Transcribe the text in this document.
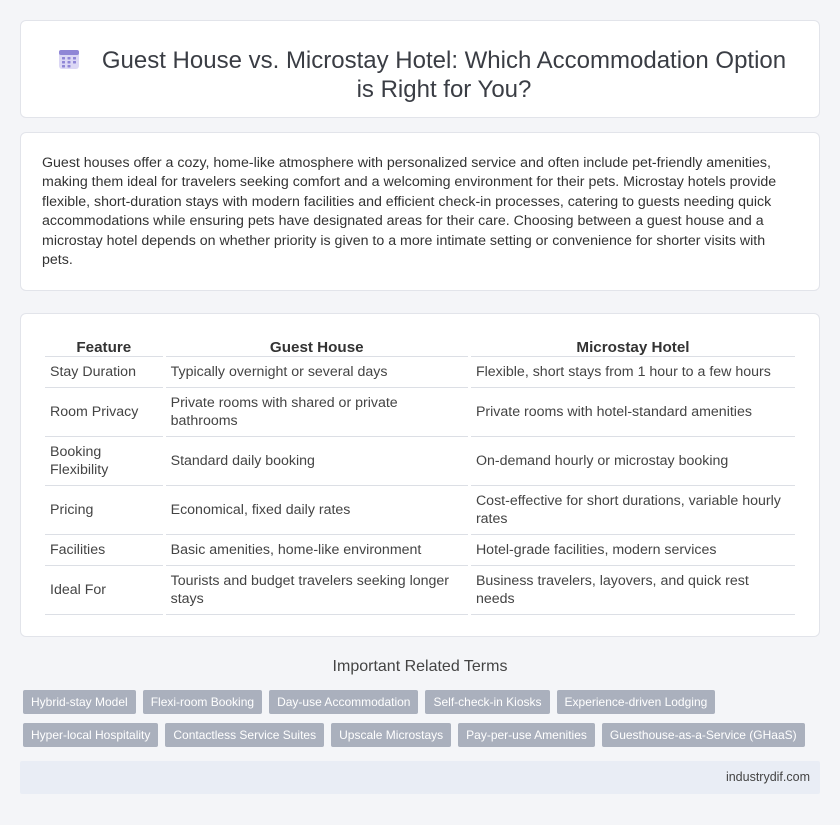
Guest House vs. Microstay Hotel: Which Accommodation Option is Right for You?

Guest houses offer a cozy, home-like atmosphere with personalized service and often include pet-friendly amenities, making them ideal for travelers seeking comfort and a welcoming environment for their pets. Microstay hotels provide flexible, short-duration stays with modern facilities and efficient check-in processes, catering to guests needing quick accommodations while ensuring pets have designated areas for their care. Choosing between a guest house and a microstay hotel depends on whether priority is given to a more intimate setting or convenience for shorter visits with pets.

Feature	Guest House	Microstay Hotel
Stay Duration	Typically overnight or several days	Flexible, short stays from 1 hour to a few hours
Room Privacy	Private rooms with shared or private bathrooms	Private rooms with hotel-standard amenities
Booking Flexibility	Standard daily booking	On-demand hourly or microstay booking
Pricing	Economical, fixed daily rates	Cost-effective for short durations, variable hourly rates
Facilities	Basic amenities, home-like environment	Hotel-grade facilities, modern services
Ideal For	Tourists and budget travelers seeking longer stays	Business travelers, layovers, and quick rest needs
Important Related Terms
Hybrid-stay Model	Flexi-room Booking	Day-use Accommodation	Self-check-in Kiosks	Experience-driven Lodging
Hyper-local Hospitality	Contactless Service Suites	Upscale Microstays	Pay-per-use Amenities	Guesthouse-as-a-Service (GHaaS)
industrydif.com
